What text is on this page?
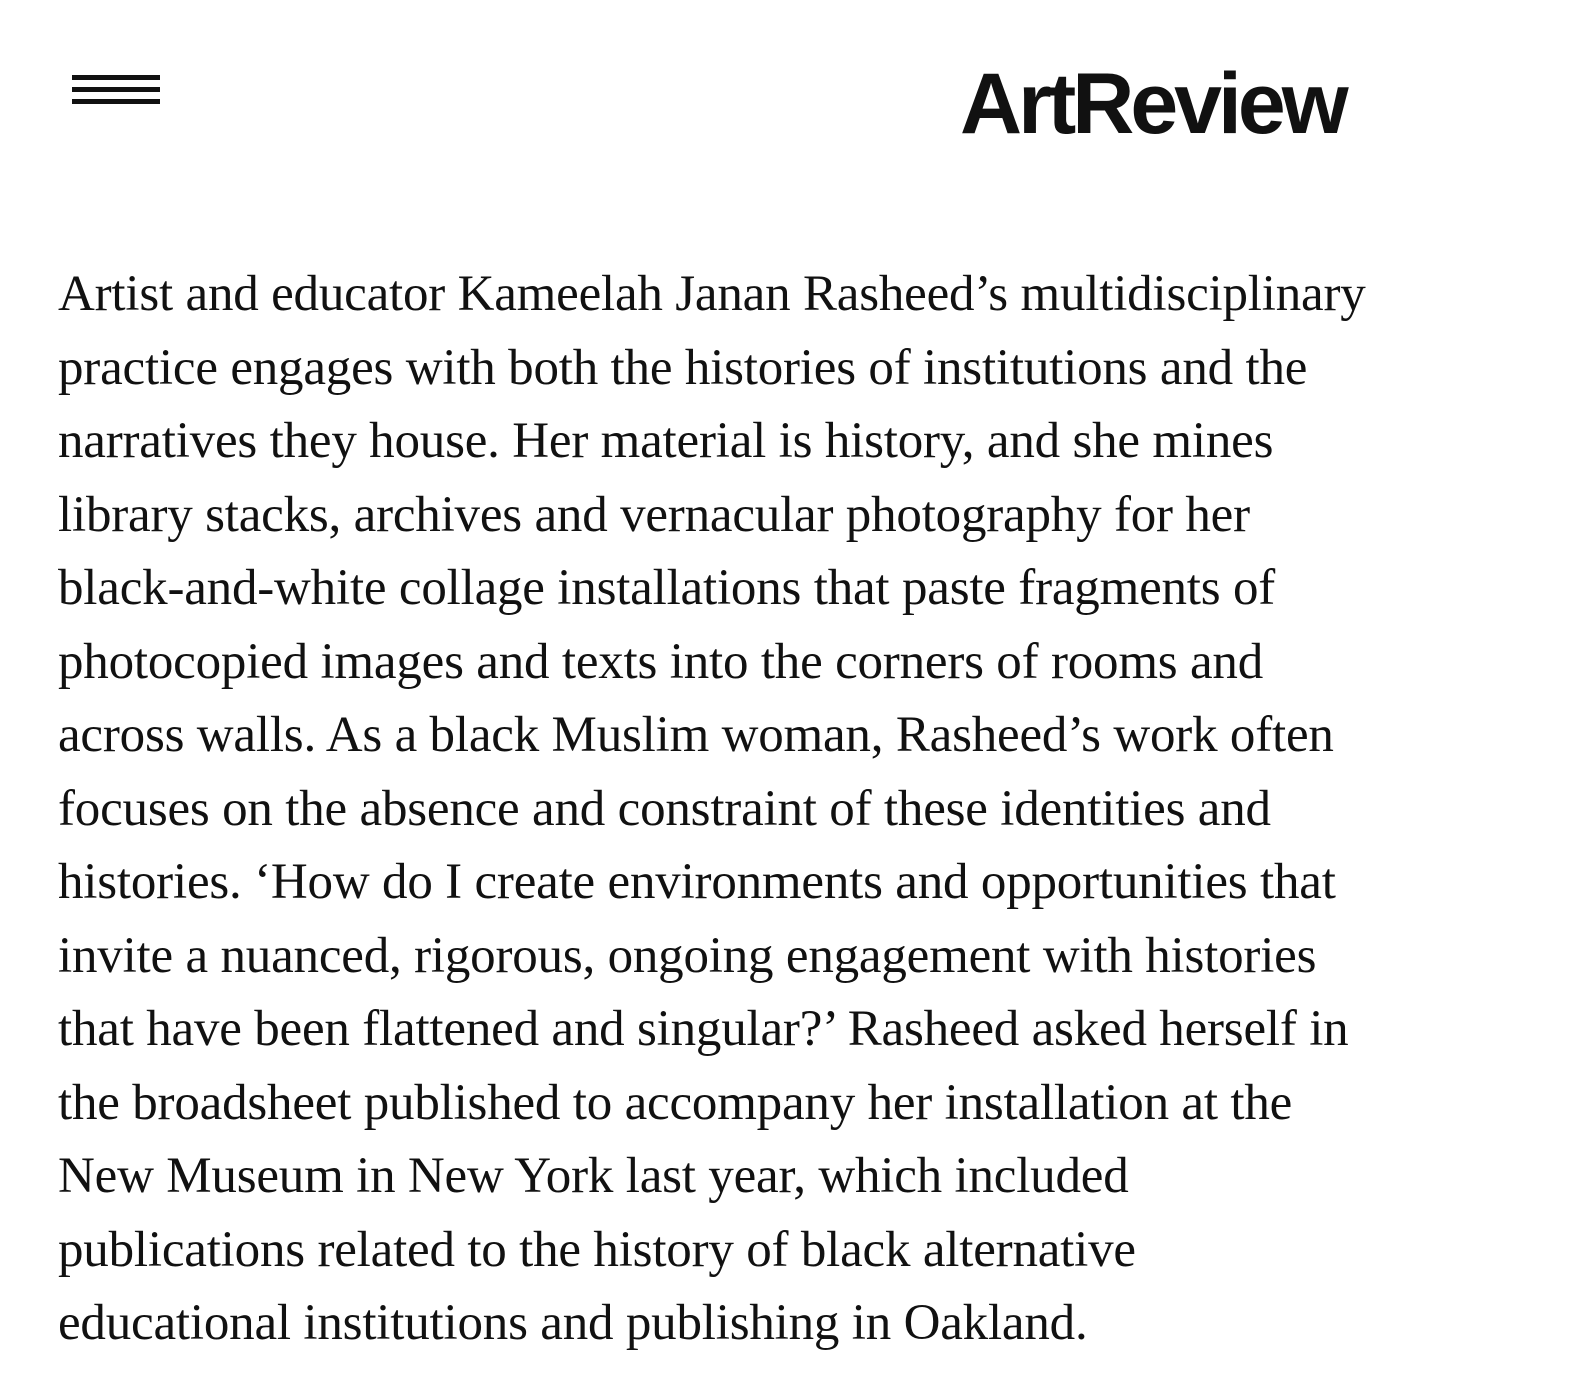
ArtReview
Artist and educator Kameelah Janan Rasheed’s multidisciplinary
practice engages with both the histories of institutions and the
narratives they house. Her material is history, and she mines
library stacks, archives and vernacular photography for her
black-and-white collage installations that paste fragments of
photocopied images and texts into the corners of rooms and
across walls. As a black Muslim woman, Rasheed’s work often
focuses on the absence and constraint of these identities and
histories. ‘How do I create environments and opportunities that
invite a nuanced, rigorous, ongoing engagement with histories
that have been flattened and singular?’ Rasheed asked herself in
the broadsheet published to accompany her installation at the
New Museum in New York last year, which included
publications related to the history of black alternative
educational institutions and publishing in Oakland.
